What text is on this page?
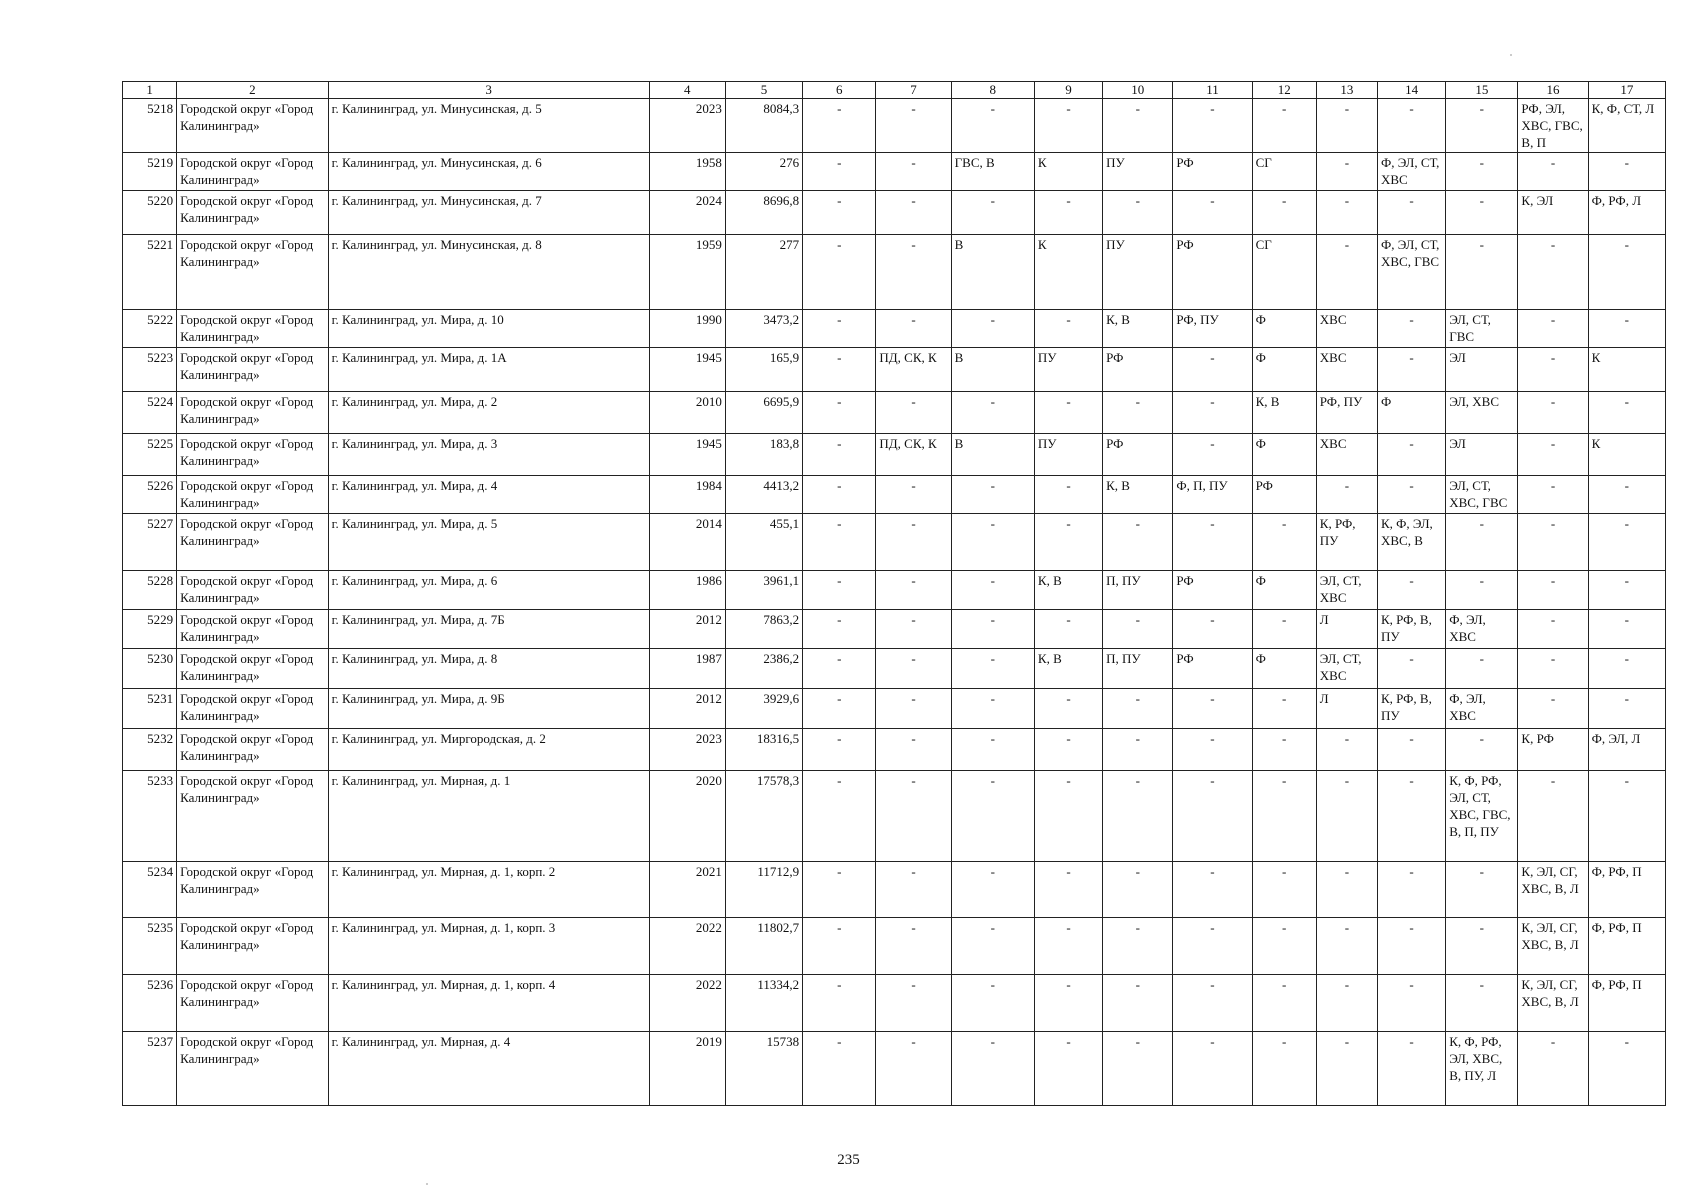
1	2	3	4	5	6	7	8	9	10	11	12	13	14	15	16	17
5218	Городской округ «Город Калининград»	г. Калининград, ул. Минусинская, д. 5	2023	8084,3	-	-	-	-	-	-	-	-	-	-	РФ, ЭЛ, ХВС, ГВС, В, П	К, Ф, СТ, Л
5219	Городской округ «Город Калининград»	г. Калининград, ул. Минусинская, д. 6	1958	276	-	-	ГВС, В	К	ПУ	РФ	СГ	-	Ф, ЭЛ, СТ, ХВС	-	-	-
5220	Городской округ «Город Калининград»	г. Калининград, ул. Минусинская, д. 7	2024	8696,8	-	-	-	-	-	-	-	-	-	-	К, ЭЛ	Ф, РФ, Л
5221	Городской округ «Город Калининград»	г. Калининград, ул. Минусинская, д. 8	1959	277	-	-	В	К	ПУ	РФ	СГ	-	Ф, ЭЛ, СТ, ХВС, ГВС	-	-	-
5222	Городской округ «Город Калининград»	г. Калининград, ул. Мира, д. 10	1990	3473,2	-	-	-	-	К, В	РФ, ПУ	Ф	ХВС	-	ЭЛ, СТ, ГВС	-	-
5223	Городской округ «Город Калининград»	г. Калининград, ул. Мира, д. 1А	1945	165,9	-	ПД, СК, К	В	ПУ	РФ	-	Ф	ХВС	-	ЭЛ	-	К
5224	Городской округ «Город Калининград»	г. Калининград, ул. Мира, д. 2	2010	6695,9	-	-	-	-	-	-	К, В	РФ, ПУ	Ф	ЭЛ, ХВС	-	-
5225	Городской округ «Город Калининград»	г. Калининград, ул. Мира, д. 3	1945	183,8	-	ПД, СК, К	В	ПУ	РФ	-	Ф	ХВС	-	ЭЛ	-	К
5226	Городской округ «Город Калининград»	г. Калининград, ул. Мира, д. 4	1984	4413,2	-	-	-	-	К, В	Ф, П, ПУ	РФ	-	-	ЭЛ, СТ, ХВС, ГВС	-	-
5227	Городской округ «Город Калининград»	г. Калининград, ул. Мира, д. 5	2014	455,1	-	-	-	-	-	-	-	К, РФ, ПУ	К, Ф, ЭЛ, ХВС, В	-	-	-
5228	Городской округ «Город Калининград»	г. Калининград, ул. Мира, д. 6	1986	3961,1	-	-	-	К, В	П, ПУ	РФ	Ф	ЭЛ, СТ, ХВС	-	-	-	-
5229	Городской округ «Город Калининград»	г. Калининград, ул. Мира, д. 7Б	2012	7863,2	-	-	-	-	-	-	-	Л	К, РФ, В, ПУ	Ф, ЭЛ, ХВС	-	-
5230	Городской округ «Город Калининград»	г. Калининград, ул. Мира, д. 8	1987	2386,2	-	-	-	К, В	П, ПУ	РФ	Ф	ЭЛ, СТ, ХВС	-	-	-	-
5231	Городской округ «Город Калининград»	г. Калининград, ул. Мира, д. 9Б	2012	3929,6	-	-	-	-	-	-	-	Л	К, РФ, В, ПУ	Ф, ЭЛ, ХВС	-	-
5232	Городской округ «Город Калининград»	г. Калининград, ул. Миргородская, д. 2	2023	18316,5	-	-	-	-	-	-	-	-	-	-	К, РФ	Ф, ЭЛ, Л
5233	Городской округ «Город Калининград»	г. Калининград, ул. Мирная, д. 1	2020	17578,3	-	-	-	-	-	-	-	-	-	К, Ф, РФ, ЭЛ, СТ, ХВС, ГВС, В, П, ПУ	-	-
5234	Городской округ «Город Калининград»	г. Калининград, ул. Мирная, д. 1, корп. 2	2021	11712,9	-	-	-	-	-	-	-	-	-	-	К, ЭЛ, СГ, ХВС, В, Л	Ф, РФ, П
5235	Городской округ «Город Калининград»	г. Калининград, ул. Мирная, д. 1, корп. 3	2022	11802,7	-	-	-	-	-	-	-	-	-	-	К, ЭЛ, СГ, ХВС, В, Л	Ф, РФ, П
5236	Городской округ «Город Калининград»	г. Калининград, ул. Мирная, д. 1, корп. 4	2022	11334,2	-	-	-	-	-	-	-	-	-	-	К, ЭЛ, СГ, ХВС, В, Л	Ф, РФ, П
5237	Городской округ «Город Калининград»	г. Калининград, ул. Мирная, д. 4	2019	15738	-	-	-	-	-	-	-	-	-	К, Ф, РФ, ЭЛ, ХВС, В, ПУ, Л	-	-
235
